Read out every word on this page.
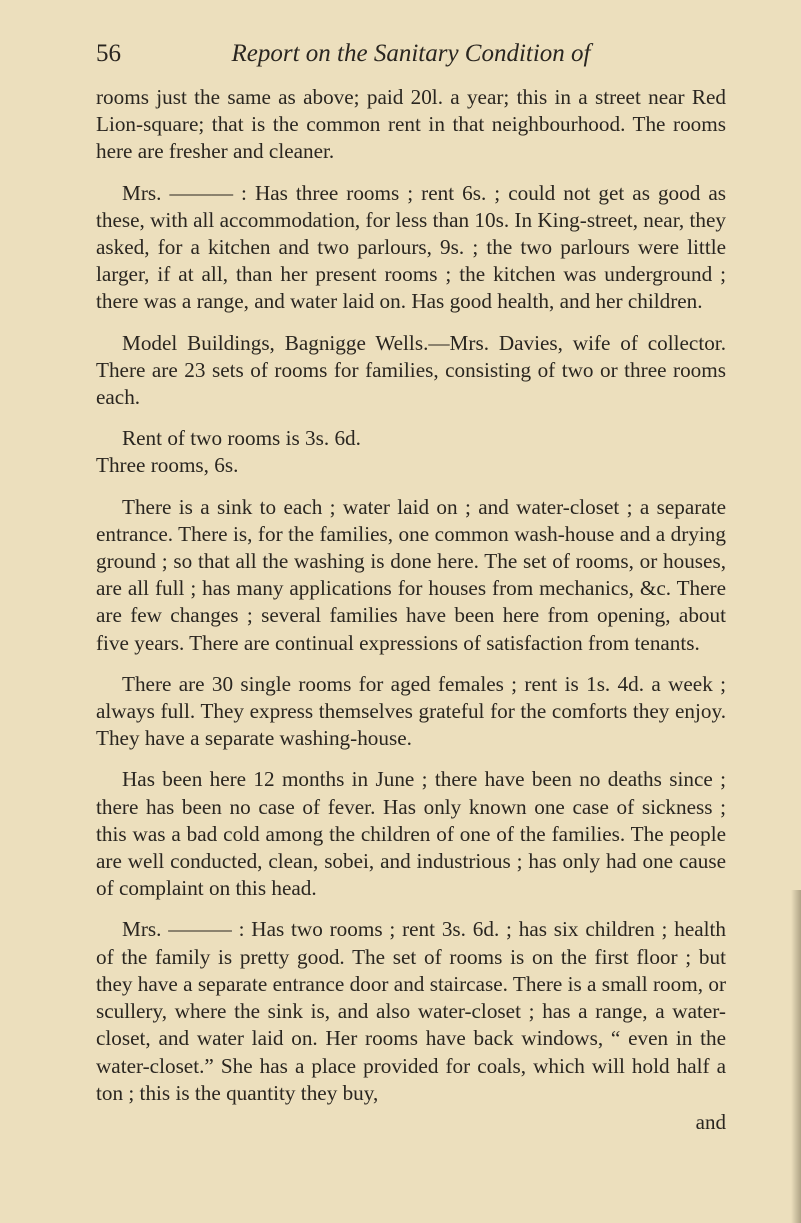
56	Report on the Sanitary Condition of

rooms just the same as above; paid 20l. a year; this in a street near Red Lion-square; that is the common rent in that neighbourhood. The rooms here are fresher and cleaner.

Mrs. ——— : Has three rooms ; rent 6s. ; could not get as good as these, with all accommodation, for less than 10s. In King-street, near, they asked, for a kitchen and two parlours, 9s. ; the two parlours were little larger, if at all, than her present rooms ; the kitchen was underground ; there was a range, and water laid on. Has good health, and her children.

Model Buildings, Bagnigge Wells.—Mrs. Davies, wife of collector. There are 23 sets of rooms for families, consisting of two or three rooms each.

Rent of two rooms is 3s. 6d.
Three rooms, 6s.

There is a sink to each ; water laid on ; and water-closet ; a separate entrance. There is, for the families, one common wash-house and a drying ground ; so that all the washing is done here. The set of rooms, or houses, are all full ; has many applications for houses from mechanics, &c. There are few changes ; several families have been here from opening, about five years. There are continual expressions of satisfaction from tenants.

There are 30 single rooms for aged females ; rent is 1s. 4d. a week ; always full. They express themselves grateful for the comforts they enjoy. They have a separate washing-house.

Has been here 12 months in June ; there have been no deaths since ; there has been no case of fever. Has only known one case of sickness ; this was a bad cold among the children of one of the families. The people are well conducted, clean, sobei, and industrious ; has only had one cause of complaint on this head.

Mrs. ——— : Has two rooms ; rent 3s. 6d. ; has six children ; health of the family is pretty good. The set of rooms is on the first floor ; but they have a separate entrance door and staircase. There is a small room, or scullery, where the sink is, and also water-closet ; has a range, a water-closet, and water laid on. Her rooms have back windows, “ even in the water-closet.” She has a place provided for coals, which will hold half a ton ; this is the quantity they buy,

and
